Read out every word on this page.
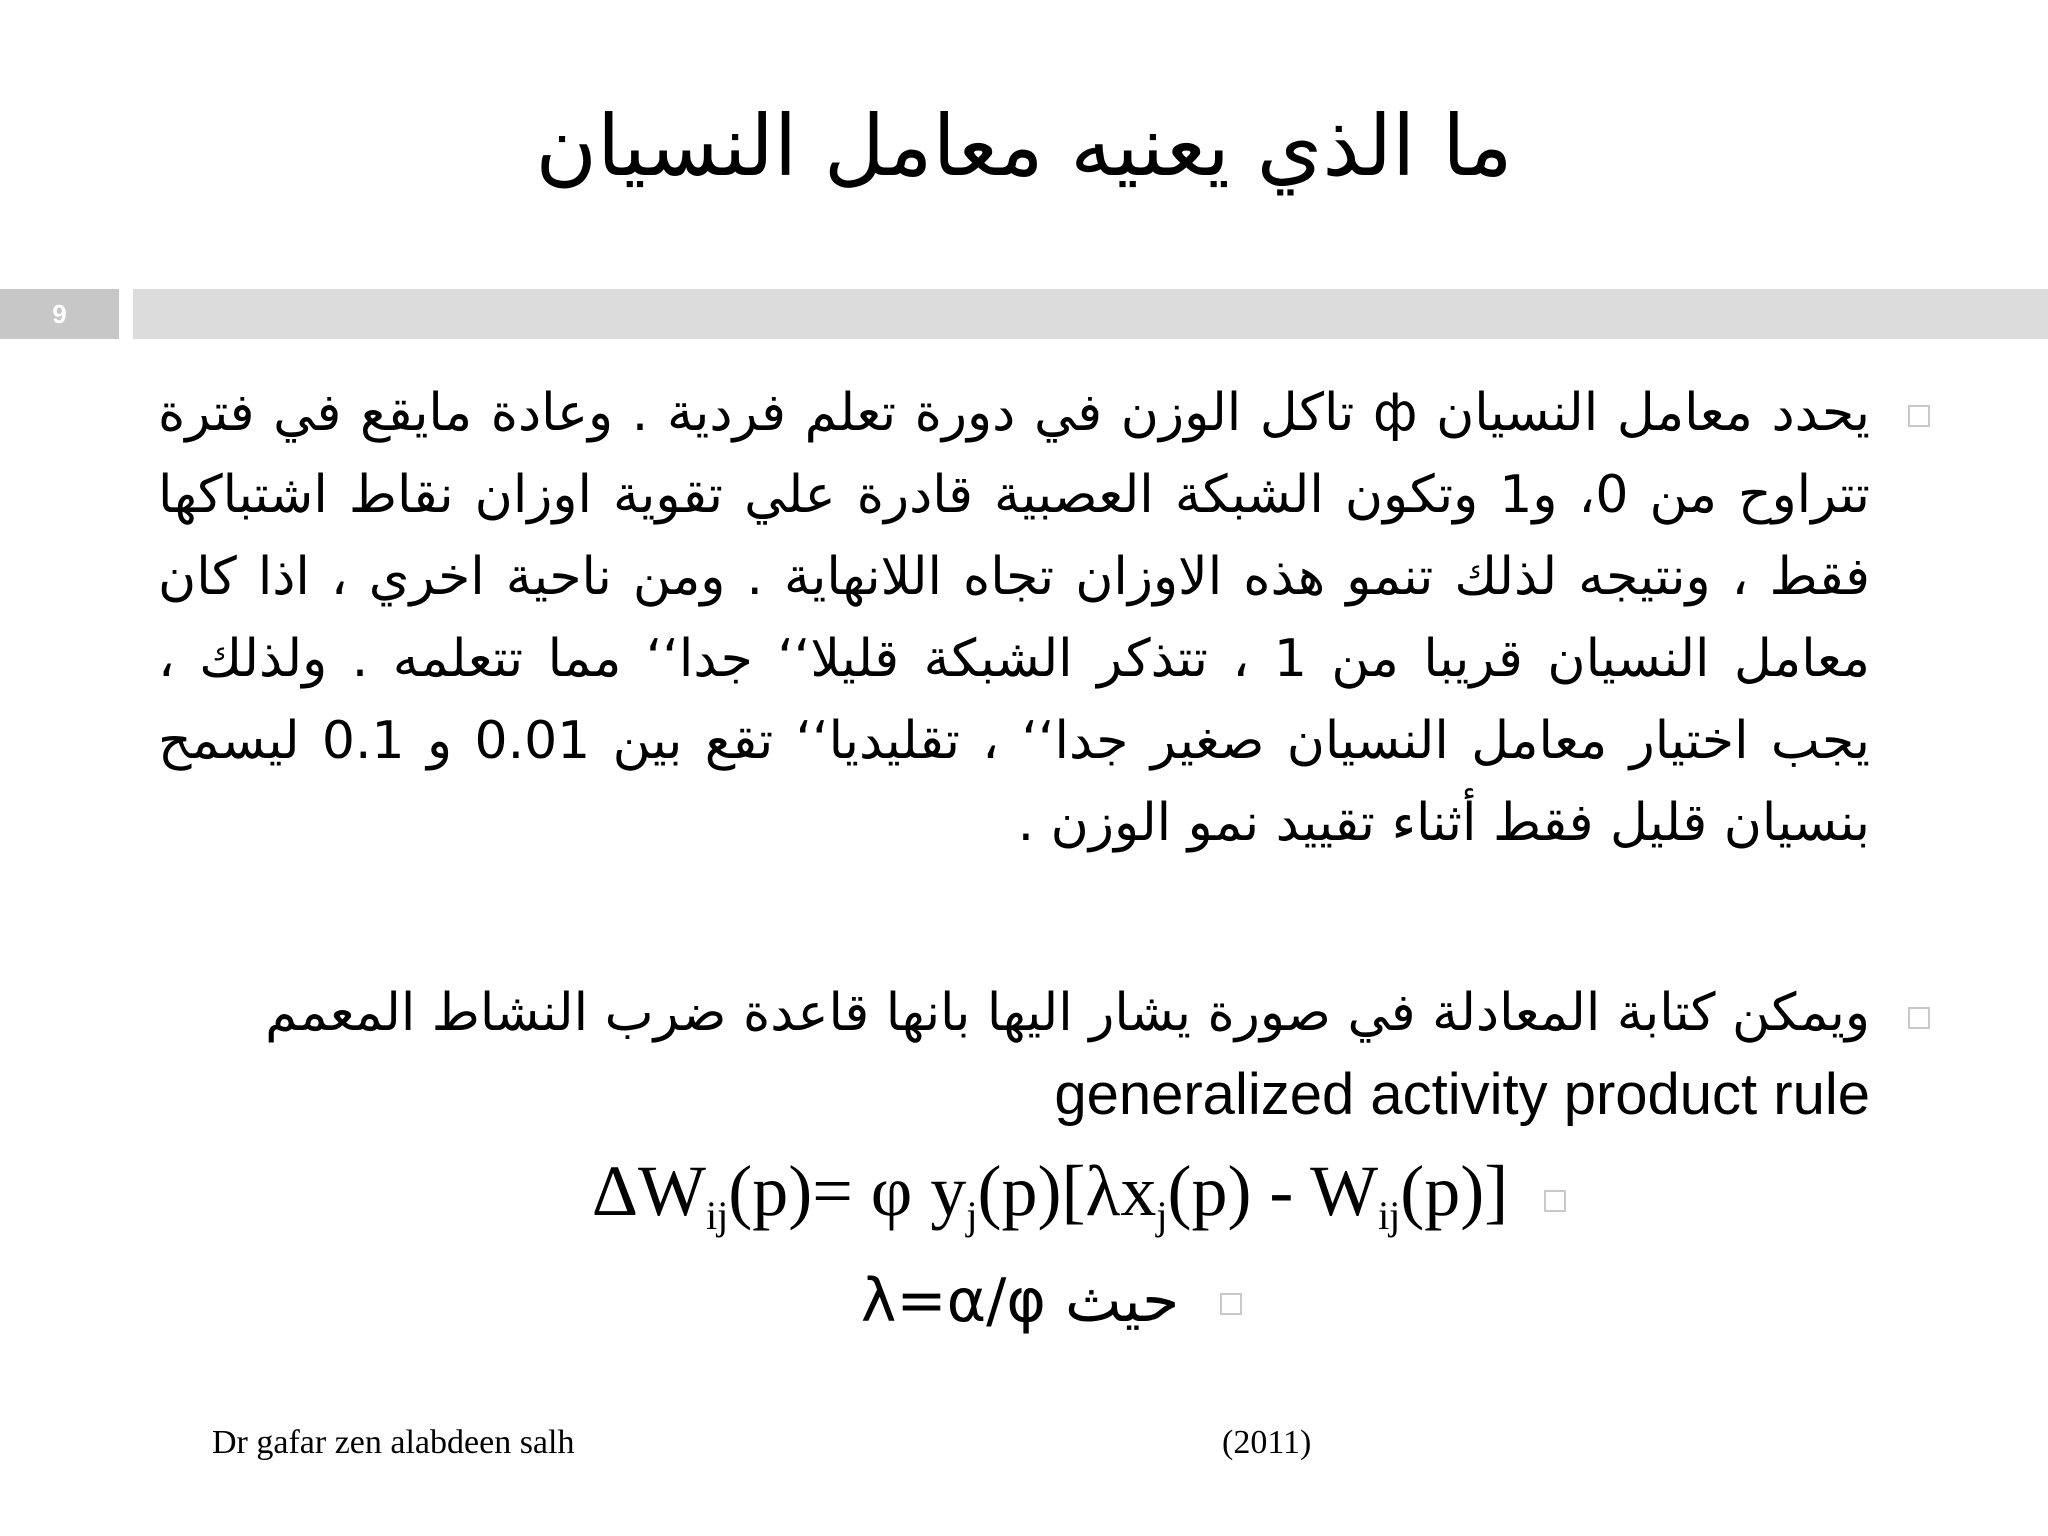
ما الذي يعنيه معامل النسيان
9
يحدد معامل النسيان ф تاكل الوزن في دورة تعلم فردية . وعادة مايقع في فترة تتراوح من 0، و1 وتكون الشبكة العصبية قادرة علي تقوية اوزان نقاط اشتباكها فقط ، ونتيجه لذلك تنمو هذه الاوزان تجاه اللانهاية . ومن ناحية اخري ، اذا كان معامل النسيان قريبا من 1 ، تتذكر الشبكة قليلا‘‘ جدا‘‘ مما تتعلمه . ولذلك ، يجب اختيار معامل النسيان صغير جدا‘‘ ، تقليديا‘‘ تقع بين 0.01 و 0.1 ليسمح بنسيان قليل فقط أثناء تقييد نمو الوزن .
ويمكن كتابة المعادلة في صورة يشار اليها بانها قاعدة ضرب النشاط المعمم generalized activity product rule
$\Delta W_{ij}(p)= \varphi$ $y_j(p)[\lambda x_j(p) - W_{ij}(p)]$
حيث λ=α/φ
Dr gafar zen alabdeen salh	(2011)
